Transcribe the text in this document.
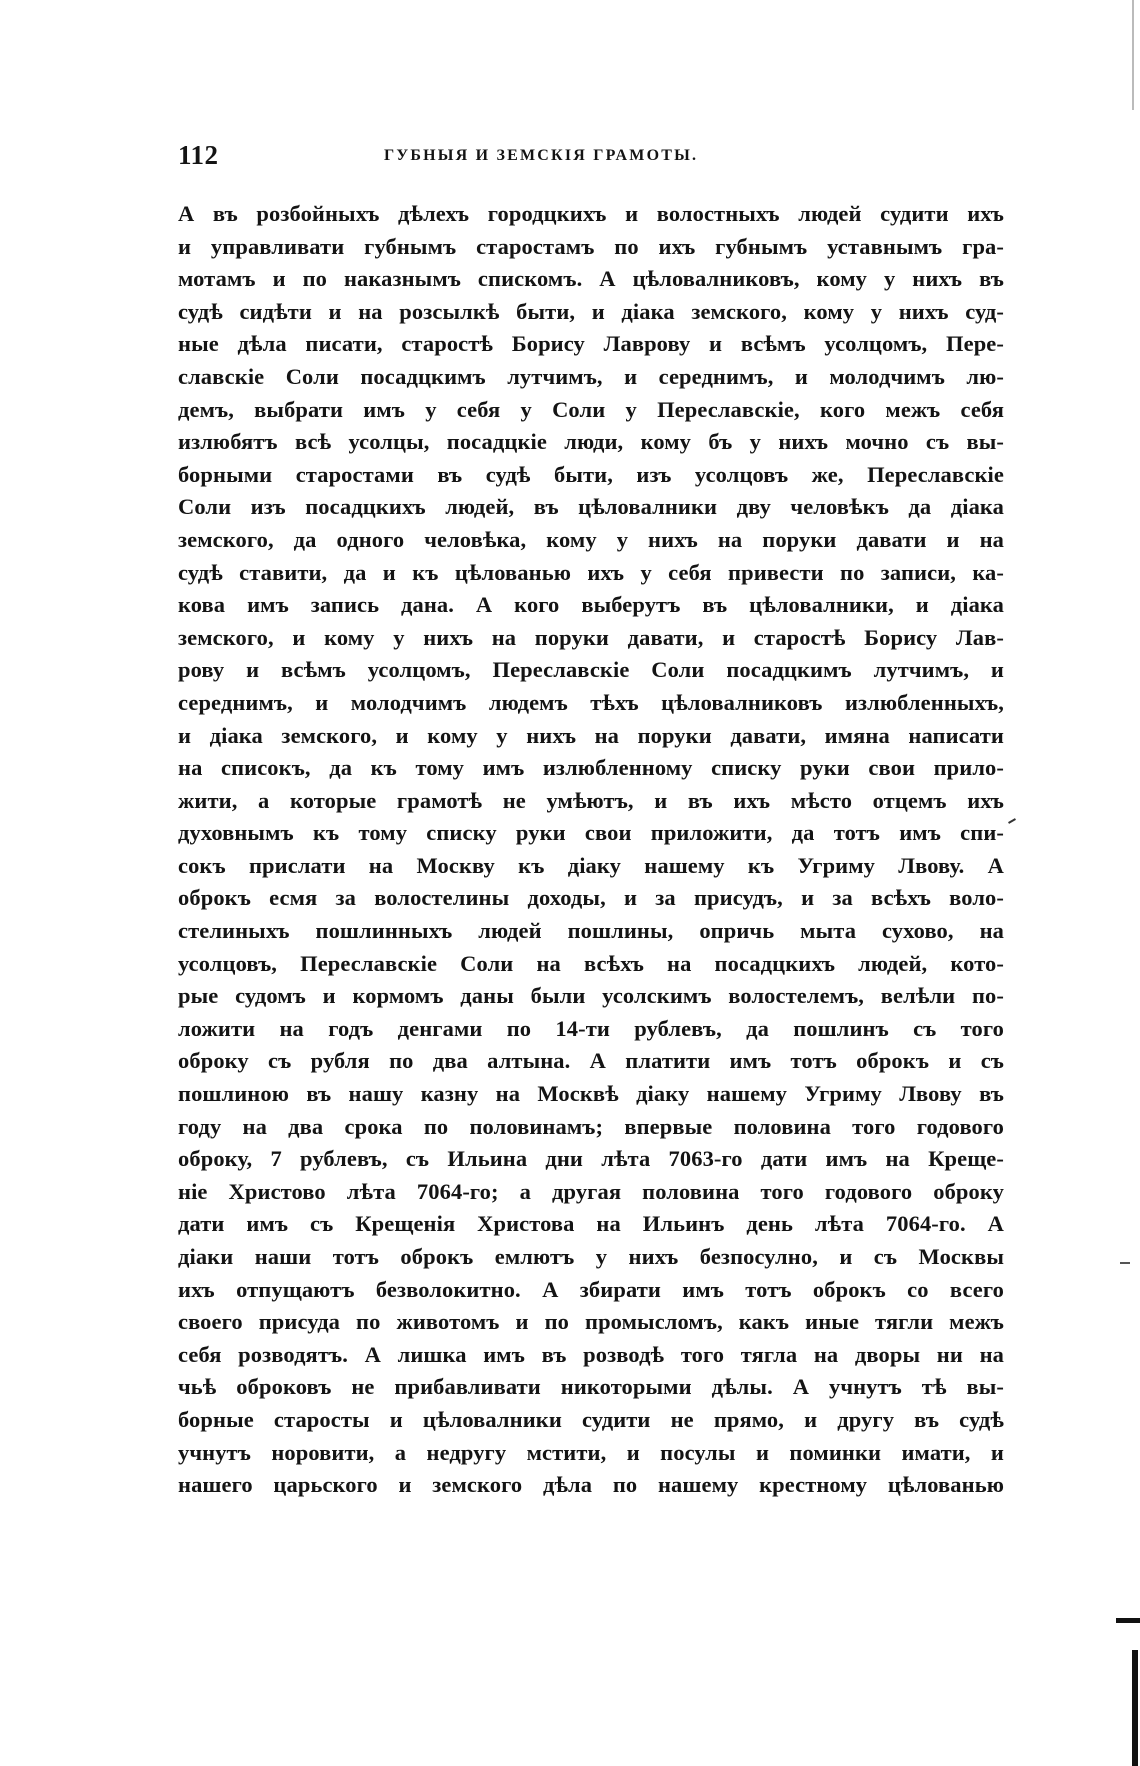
112	ГУБНЫЯ И ЗЕМСКІЯ ГРАМОТЫ.
А въ розбойныхъ дѣлехъ городцкихъ и волостныхъ людей судити ихъ
и управливати губнымъ старостамъ по ихъ губнымъ уставнымъ гра-
мотамъ и по наказнымъ спискомъ. А цѣловалниковъ, кому у нихъ въ
судѣ сидѣти и на розсылкѣ быти, и діака земского, кому у нихъ суд-
ные дѣла писати, старостѣ Борису Лаврову и всѣмъ усолцомъ, Пере-
славскіе Соли посадцкимъ лутчимъ, и середнимъ, и молодчимъ лю-
демъ, выбрати имъ у себя у Соли у Переславскіе, кого межъ себя
излюбятъ всѣ усолцы, посадцкіе люди, кому бъ у нихъ мочно съ вы-
борными старостами въ судѣ быти, изъ усолцовъ же, Переславскіе
Соли изъ посадцкихъ людей, въ цѣловалники дву человѣкъ да діака
земского, да одного человѣка, кому у нихъ на поруки давати и на
судѣ ставити, да и къ цѣлованью ихъ у себя привести по записи, ка-
кова имъ запись дана. А кого выберутъ въ цѣловалники, и діака
земского, и кому у нихъ на поруки давати, и старостѣ Борису Лав-
рову и всѣмъ усолцомъ, Переславскіе Соли посадцкимъ лутчимъ, и
середнимъ, и молодчимъ людемъ тѣхъ цѣловалниковъ излюбленныхъ,
и діака земского, и кому у нихъ на поруки давати, имяна написати
на списокъ, да къ тому имъ излюбленному списку руки свои прило-
жити, а которые грамотѣ не умѣютъ, и въ ихъ мѣсто отцемъ ихъ
духовнымъ къ тому списку руки свои приложити, да тотъ имъ спи-
сокъ прислати на Москву къ діаку нашему къ Угриму Лвову. А
оброкъ есмя за волостелины доходы, и за присудъ, и за всѣхъ воло-
стелиныхъ пошлинныхъ людей пошлины, опричь мыта сухово, на
усолцовъ, Переславскіе Соли на всѣхъ на посадцкихъ людей, кото-
рые судомъ и кормомъ даны были усолскимъ волостелемъ, велѣли по-
ложити на годъ денгами по 14-ти рублевъ, да пошлинъ съ того
оброку съ рубля по два алтына. А платити имъ тотъ оброкъ и съ
пошлиною въ нашу казну на Москвѣ діаку нашему Угриму Лвову въ
году на два срока по половинамъ; впервые половина того годового
оброку, 7 рублевъ, съ Ильина дни лѣта 7063-го дати имъ на Крещe-
ніе Христово лѣта 7064-го; а другая половина того годового оброку
дати имъ съ Крещенія Христова на Ильинъ день лѣта 7064-го. А
діаки наши тотъ оброкъ емлютъ у нихъ безпосулно, и съ Москвы
ихъ отпущаютъ безволокитно. А збирати имъ тотъ оброкъ со всего
своего присуда по животомъ и по промысломъ, какъ иные тягли межъ
себя розводятъ. А лишка имъ въ розводѣ того тягла на дворы ни на
чьѣ оброковъ не прибавливати никоторыми дѣлы. А учнутъ тѣ вы-
борные старосты и цѣловалники судити не прямо, и другу въ судѣ
учнутъ норовити, а недругу мстити, и посулы и поминки имати, и
нашего царьского и земского дѣла по нашему крестному цѣлованью
